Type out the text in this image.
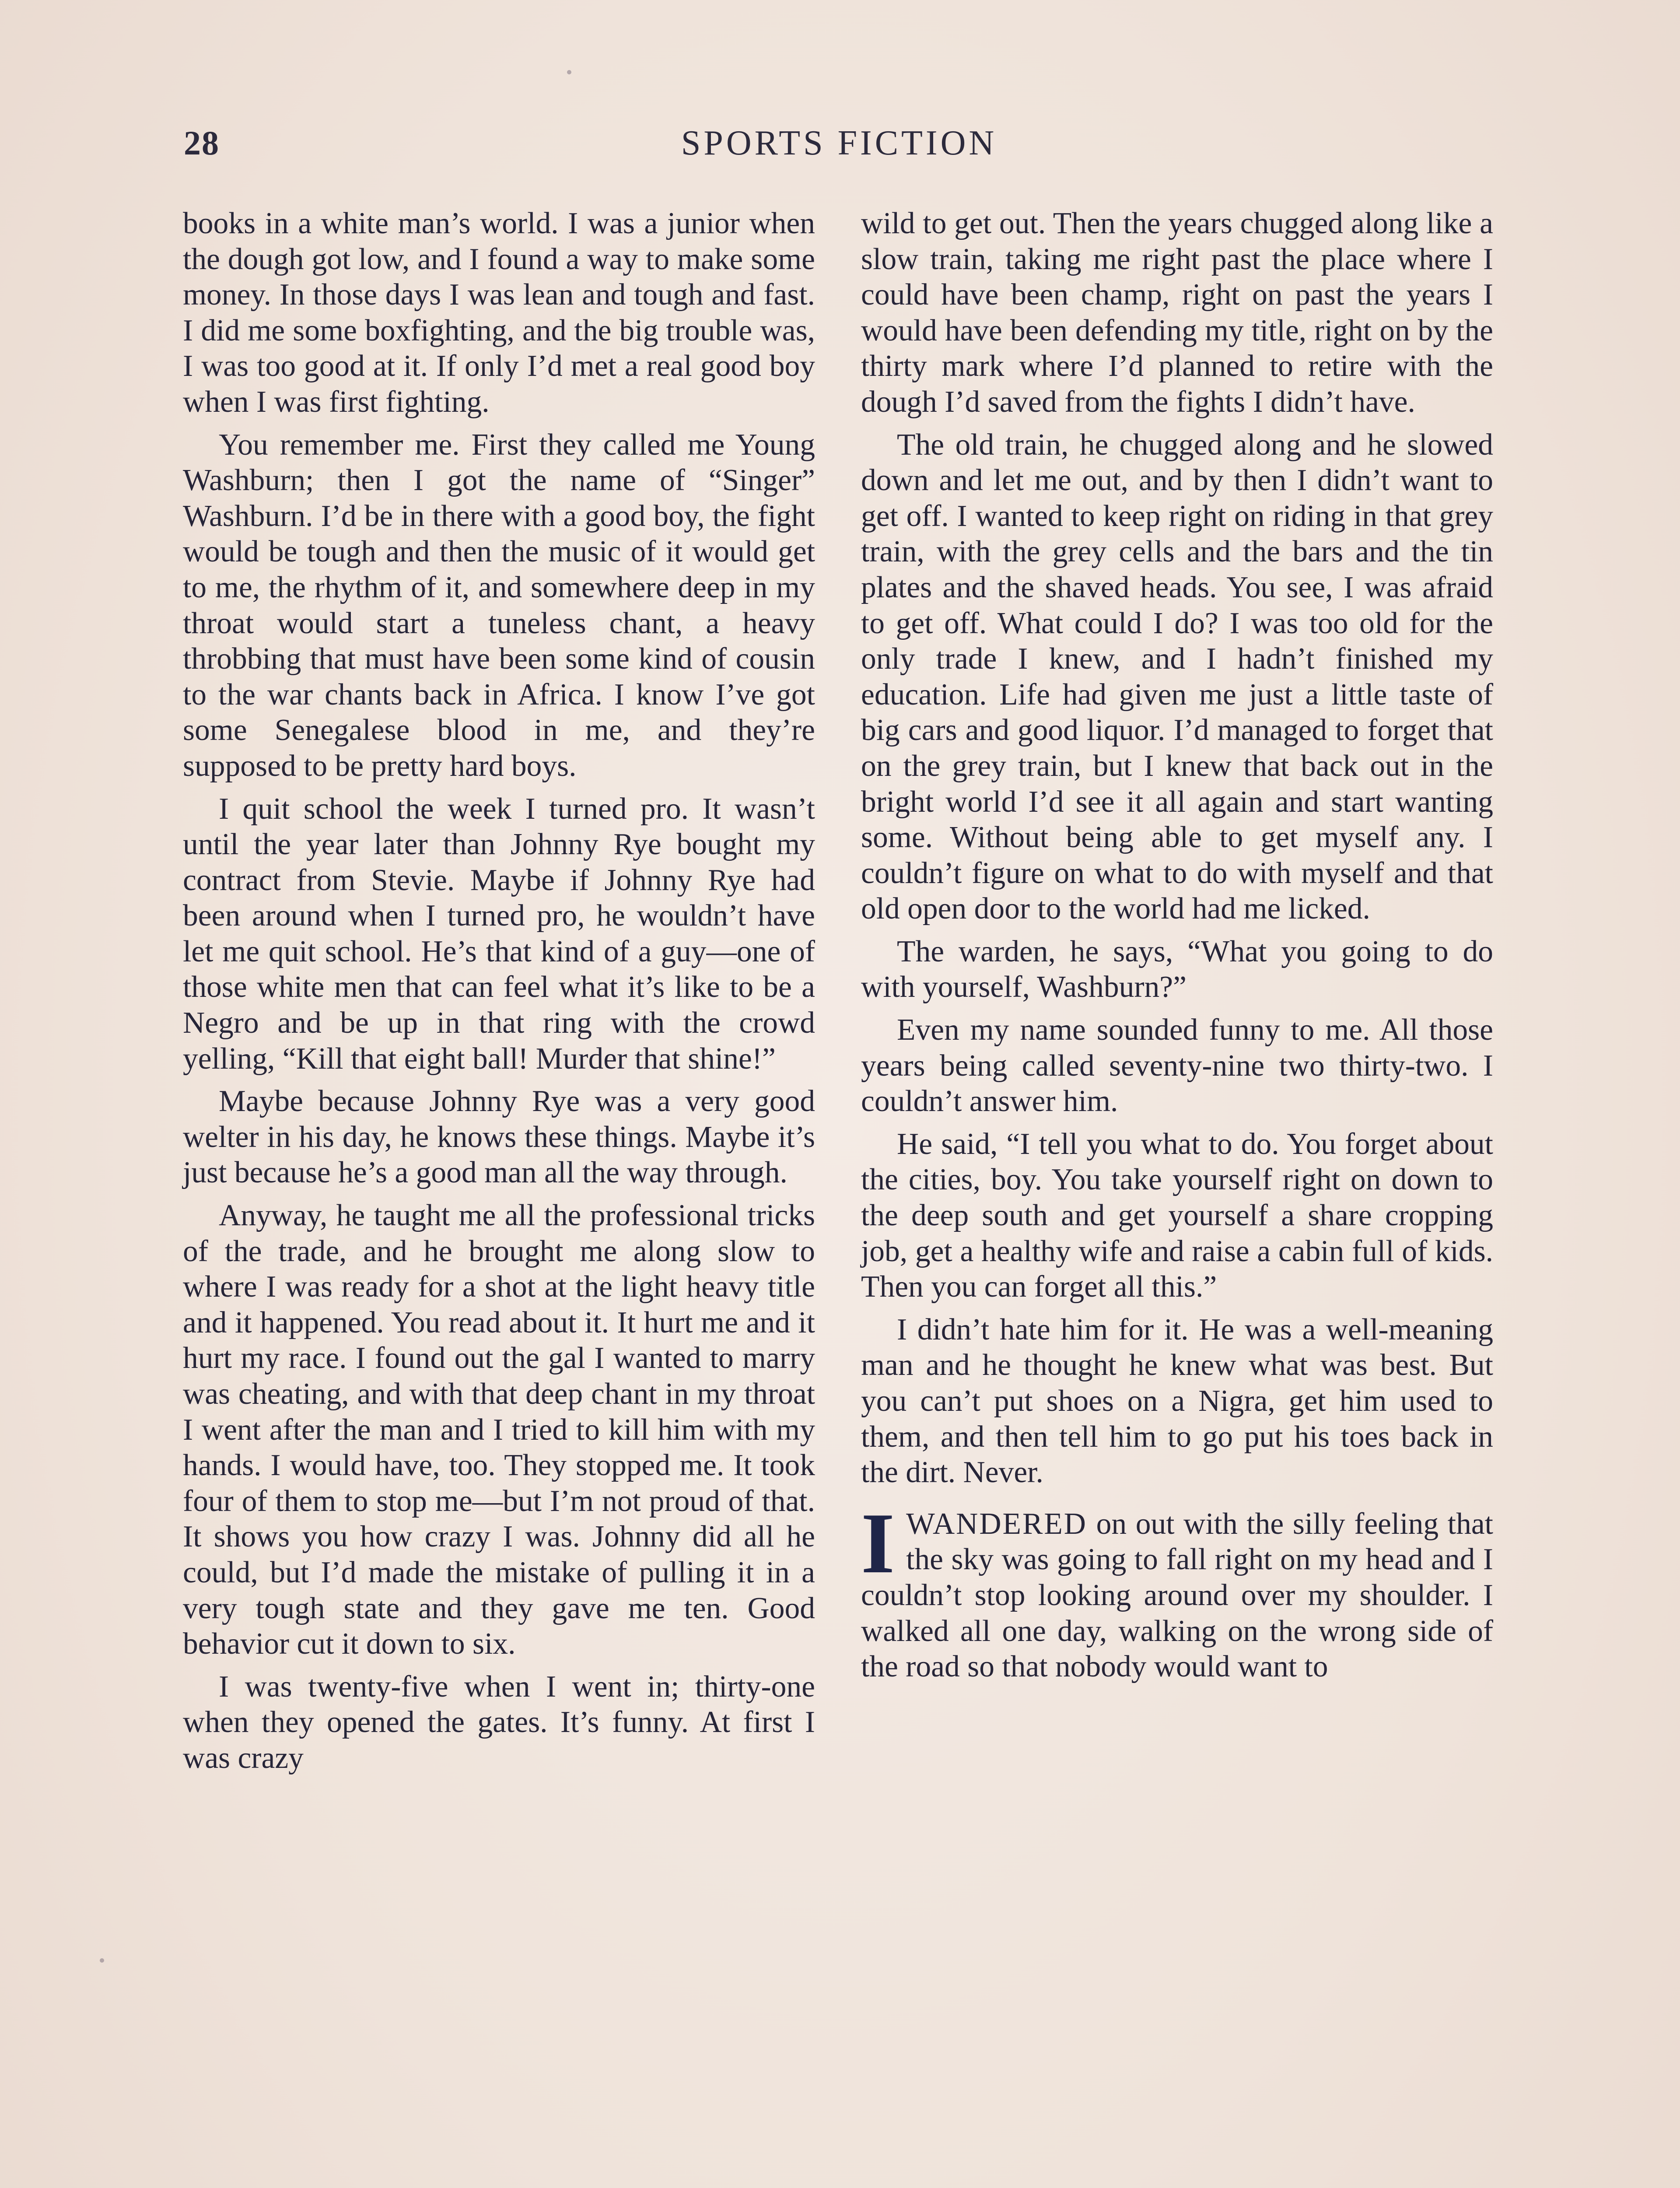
28	SPORTS FICTION

books in a white man’s world. I was a junior when the dough got low, and I found a way to make some money. In those days I was lean and tough and fast. I did me some boxfighting, and the big trouble was, I was too good at it. If only I’d met a real good boy when I was first fighting.

You remember me. First they called me Young Washburn; then I got the name of “Singer” Washburn. I’d be in there with a good boy, the fight would be tough and then the music of it would get to me, the rhythm of it, and somewhere deep in my throat would start a tuneless chant, a heavy throbbing that must have been some kind of cousin to the war chants back in Africa. I know I’ve got some Senegalese blood in me, and they’re supposed to be pretty hard boys.

I quit school the week I turned pro. It wasn’t until the year later than Johnny Rye bought my contract from Stevie. Maybe if Johnny Rye had been around when I turned pro, he wouldn’t have let me quit school. He’s that kind of a guy—one of those white men that can feel what it’s like to be a Negro and be up in that ring with the crowd yelling, “Kill that eight ball! Murder that shine!”

Maybe because Johnny Rye was a very good welter in his day, he knows these things. Maybe it’s just because he’s a good man all the way through.

Anyway, he taught me all the professional tricks of the trade, and he brought me along slow to where I was ready for a shot at the light heavy title and it happened. You read about it. It hurt me and it hurt my race. I found out the gal I wanted to marry was cheating, and with that deep chant in my throat I went after the man and I tried to kill him with my hands. I would have, too. They stopped me. It took four of them to stop me—but I’m not proud of that. It shows you how crazy I was. Johnny did all he could, but I’d made the mistake of pulling it in a very tough state and they gave me ten. Good behavior cut it down to six.

I was twenty-five when I went in; thirty-one when they opened the gates. It’s funny. At first I was crazy

wild to get out. Then the years chugged along like a slow train, taking me right past the place where I could have been champ, right on past the years I would have been defending my title, right on by the thirty mark where I’d planned to retire with the dough I’d saved from the fights I didn’t have.

The old train, he chugged along and he slowed down and let me out, and by then I didn’t want to get off. I wanted to keep right on riding in that grey train, with the grey cells and the bars and the tin plates and the shaved heads. You see, I was afraid to get off. What could I do? I was too old for the only trade I knew, and I hadn’t finished my education. Life had given me just a little taste of big cars and good liquor. I’d managed to forget that on the grey train, but I knew that back out in the bright world I’d see it all again and start wanting some. Without being able to get myself any. I couldn’t figure on what to do with myself and that old open door to the world had me licked.

The warden, he says, “What you going to do with yourself, Washburn?”

Even my name sounded funny to me. All those years being called seventy-nine two thirty-two. I couldn’t answer him.

He said, “I tell you what to do. You forget about the cities, boy. You take yourself right on down to the deep south and get yourself a share cropping job, get a healthy wife and raise a cabin full of kids. Then you can forget all this.”

I didn’t hate him for it. He was a well-meaning man and he thought he knew what was best. But you can’t put shoes on a Nigra, get him used to them, and then tell him to go put his toes back in the dirt. Never.

IWANDERED on out with the silly feeling that the sky was going to fall right on my head and I couldn’t stop looking around over my shoulder. I walked all one day, walking on the wrong side of the road so that nobody would want to
